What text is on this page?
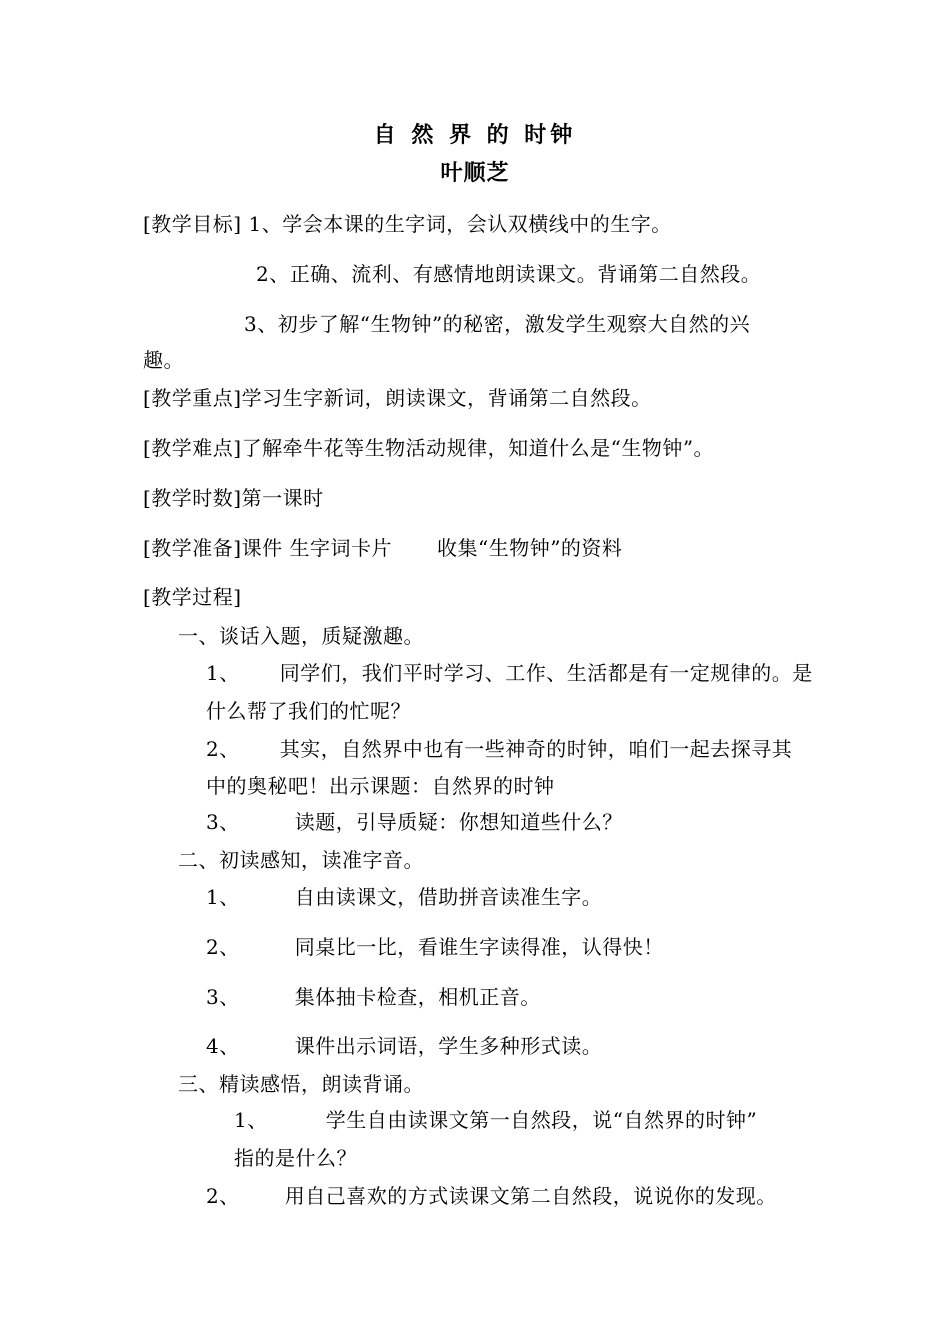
自 然 界 的 时钟
叶顺芝
[教学目标] 1、学会本课的生字词，会认双横线中的生字。
2、正确、流利、有感情地朗读课文。背诵第二自然段。
3、初步了解“生物钟”的秘密，激发学生观察大自然的兴
趣。
[教学重点]学习生字新词，朗读课文，背诵第二自然段。
[教学难点]了解牵牛花等生物活动规律，知道什么是“生物钟”。
[教学时数]第一课时
[教学准备]课件 生字词卡片 收集“生物钟”的资料
[教学过程]
一、谈话入题，质疑激趣。
1、 同学们，我们平时学习、工作、生活都是有一定规律的。是
什么帮了我们的忙呢？
2、 其实，自然界中也有一些神奇的时钟，咱们一起去探寻其
中的奥秘吧！出示课题：自然界的时钟
3、	读题，引导质疑：你想知道些什么？
二、初读感知，读准字音。
1、	自由读课文，借助拼音读准生字。
2、	同桌比一比，看谁生字读得准，认得快！
3、	集体抽卡检查，相机正音。
4、	课件出示词语，学生多种形式读。
三、精读感悟，朗读背诵。
1、	学生自由读课文第一自然段，说“自然界的时钟”
指的是什么？
2、 用自己喜欢的方式读课文第二自然段，说说你的发现。
